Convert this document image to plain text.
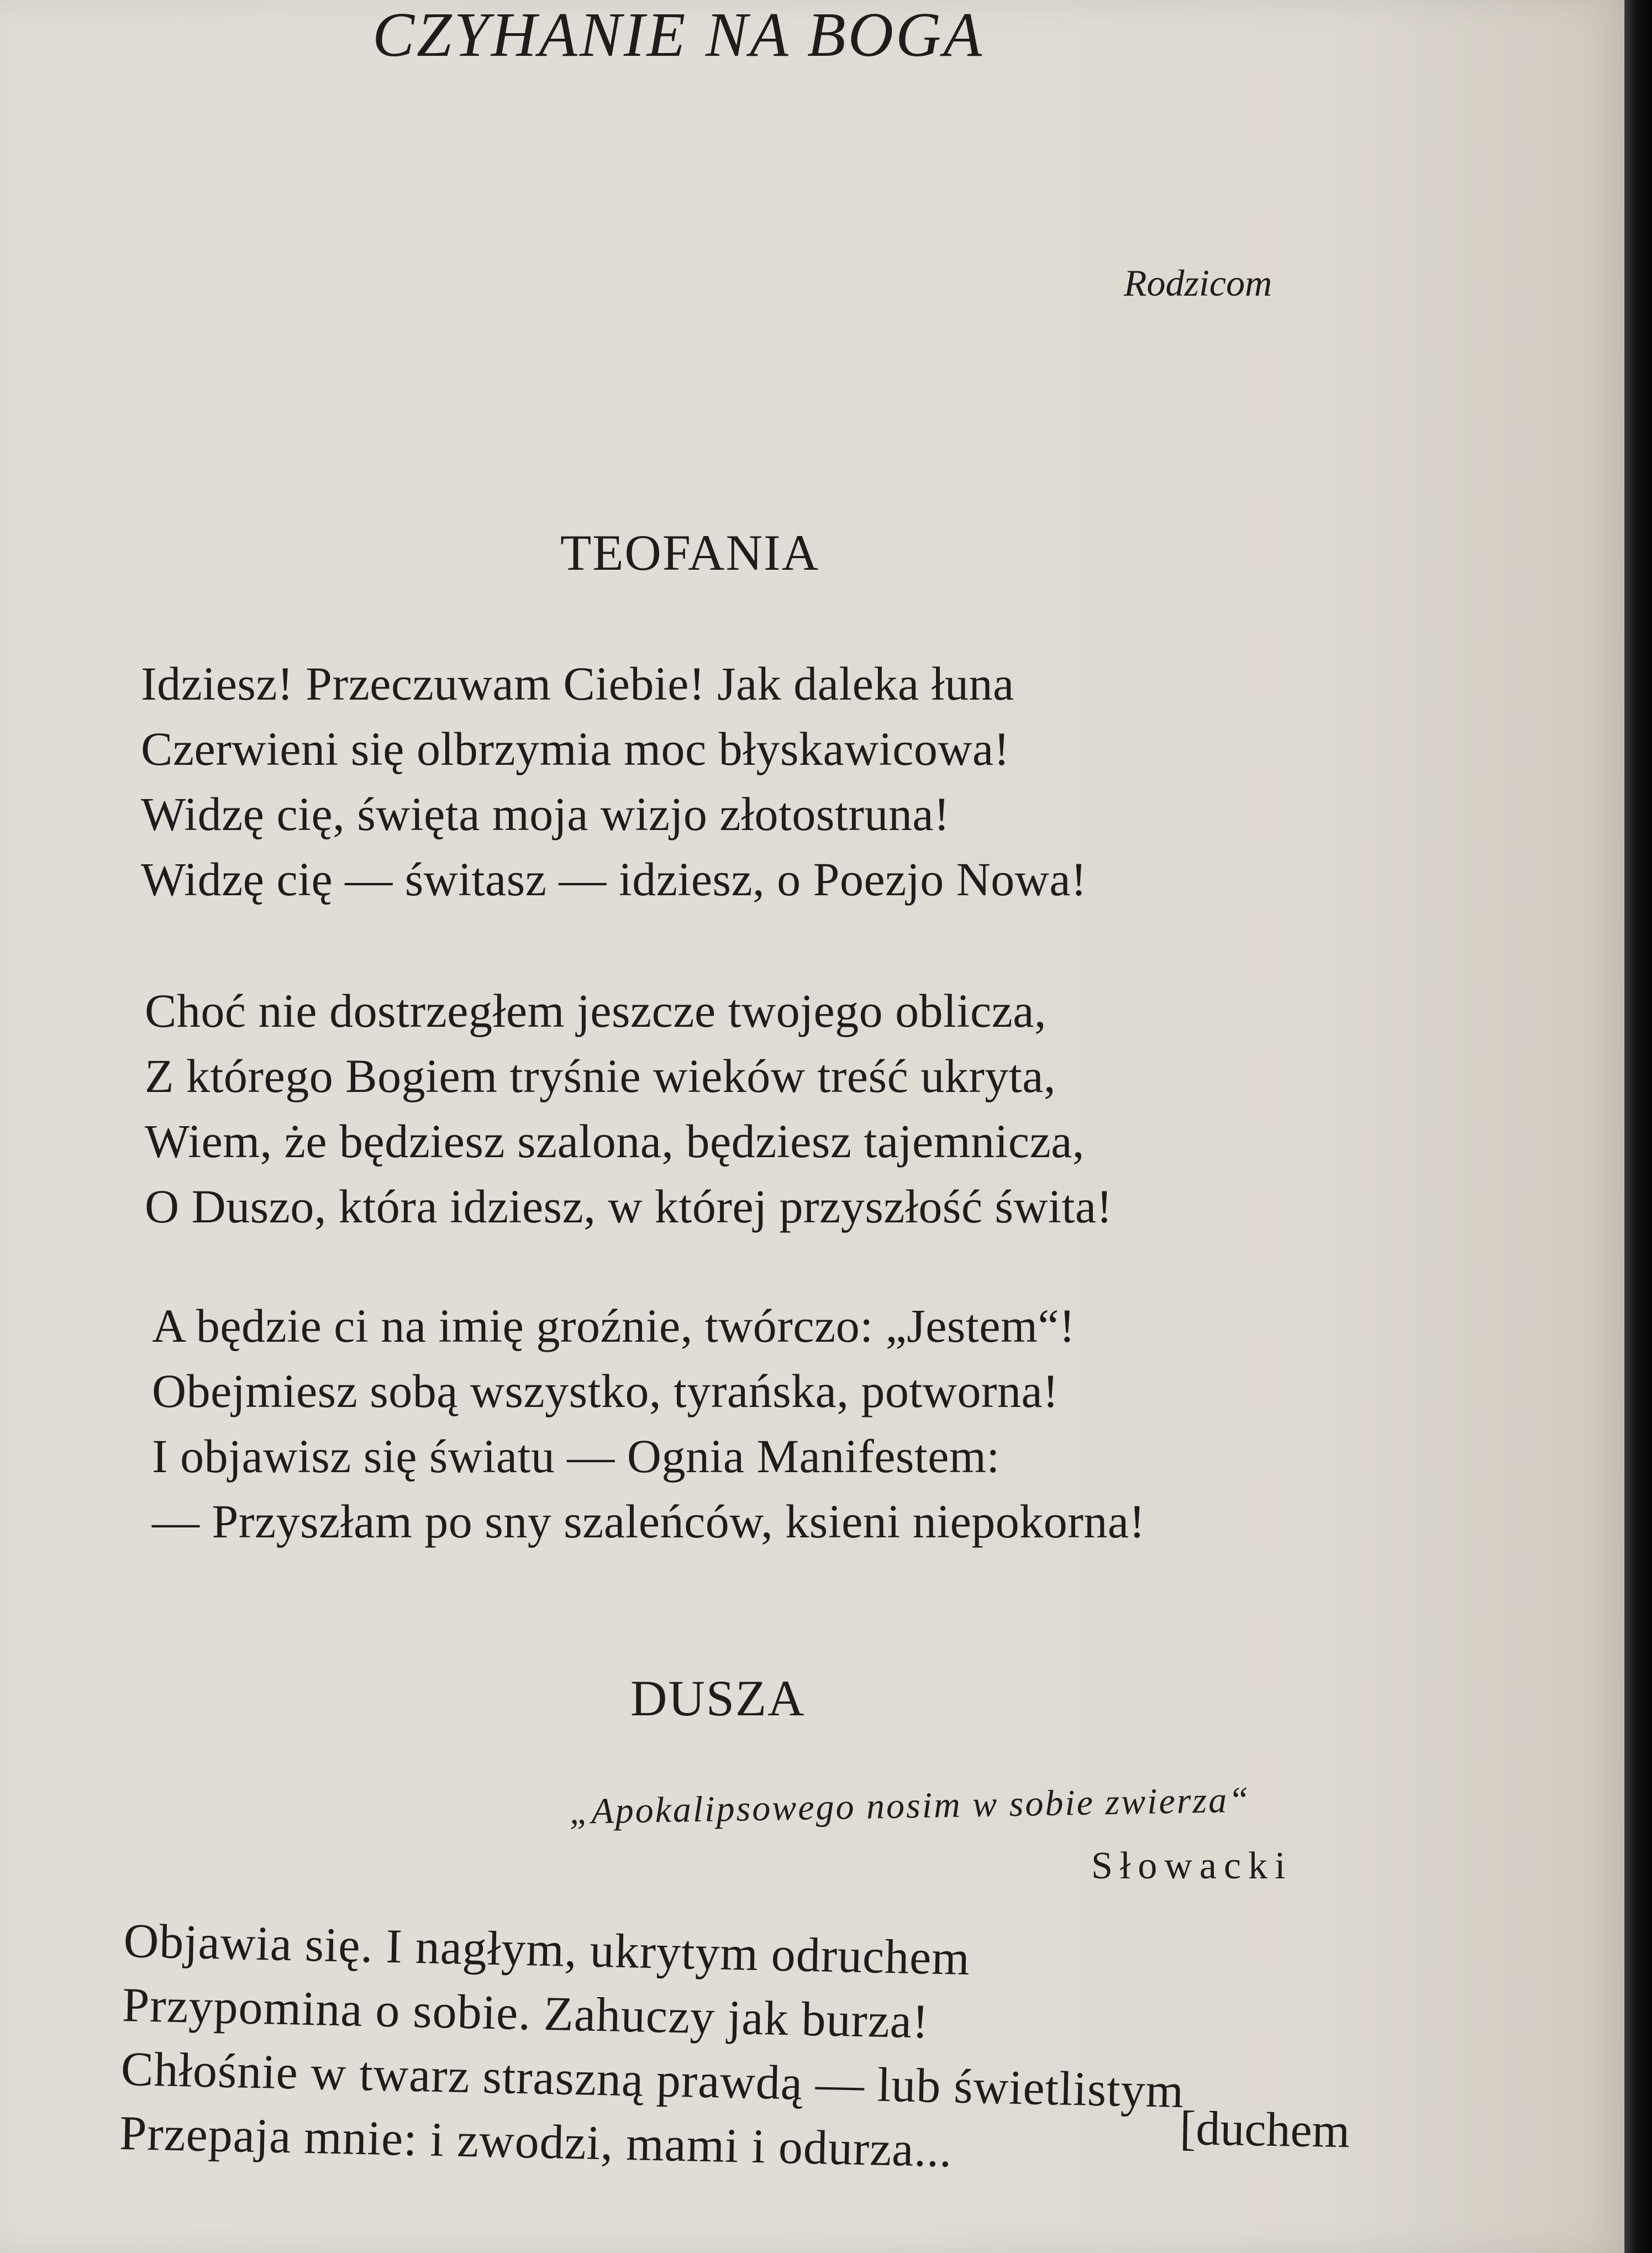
CZYHANIE NA BOGA
Rodzicom
TEOFANIA
Idziesz! Przeczuwam Ciebie! Jak daleka łuna
Czerwieni się olbrzymia moc błyskawicowa!
Widzę cię, święta moja wizjo złotostruna!
Widzę cię — świtasz — idziesz, o Poezjo Nowa!
Choć nie dostrzegłem jeszcze twojego oblicza,
Z którego Bogiem tryśnie wieków treść ukryta,
Wiem, że będziesz szalona, będziesz tajemnicza,
O Duszo, która idziesz, w której przyszłość świta!
A będzie ci na imię groźnie, twórczo: „Jestem“!
Obejmiesz sobą wszystko, tyrańska, potworna!
I objawisz się światu — Ognia Manifestem:
— Przyszłam po sny szaleńców, ksieni niepokorna!
DUSZA
„Apokalipsowego nosim w sobie zwierza“
Słowacki
Objawia się. I nagłym, ukrytym odruchem
Przypomina o sobie. Zahuczy jak burza!
Chłośnie w twarz straszną prawdą — lub świetlistym
Przepaja mnie: i zwodzi, mami i odurza...	[duchem
